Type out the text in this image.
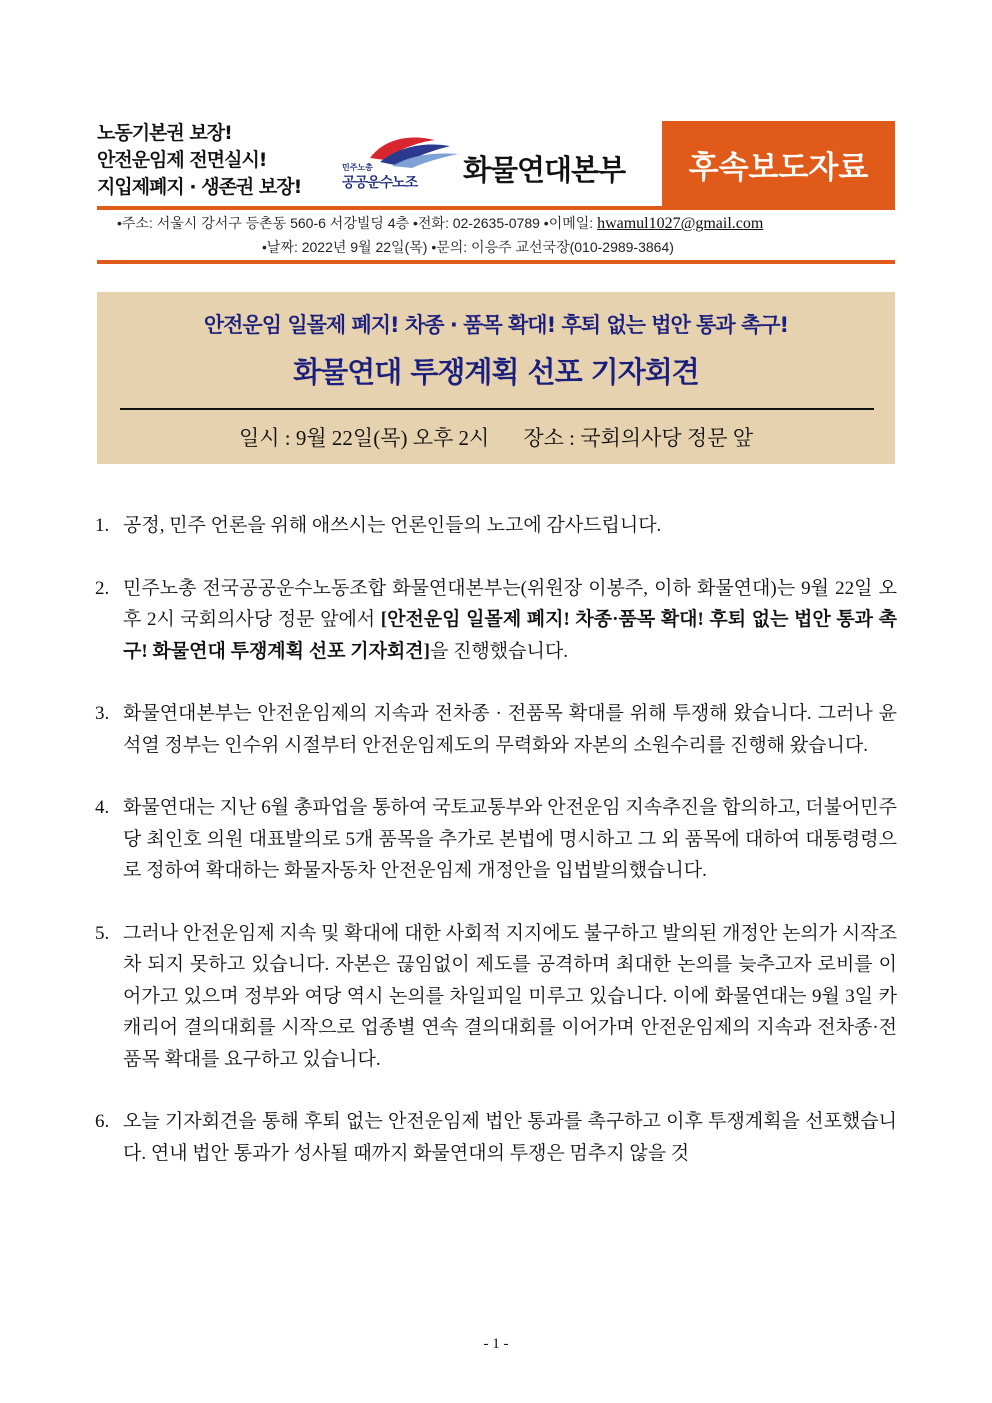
노동기본권 보장!
안전운임제 전면실시!
지입제폐지 · 생존권 보장!
민주노총
공공운수노조 화물연대본부 후속보도자료
•주소: 서울시 강서구 등촌동 560-6 서강빌딩 4층 •전화: 02-2635-0789 •이메일: hwamul1027@gmail.com
•날짜: 2022년 9월 22일(목) •문의: 이응주 교선국장(010-2989-3864)
안전운임 일몰제 폐지! 차종 · 품목 확대! 후퇴 없는 법안 통과 촉구!
화물연대 투쟁계획 선포 기자회견
일시 : 9월 22일(목) 오후 2시 장소 : 국회의사당 정문 앞
1. 공정, 민주 언론을 위해 애쓰시는 언론인들의 노고에 감사드립니다.
2. 민주노총 전국공공운수노동조합 화물연대본부는(위원장 이봉주, 이하 화물연대)는 9월 22일 오후 2시 국회의사당 정문 앞에서 [안전운임 일몰제 폐지! 차종·품목 확대! 후퇴 없는 법안 통과 촉구! 화물연대 투쟁계획 선포 기자회견]을 진행했습니다.
3. 화물연대본부는 안전운임제의 지속과 전차종 · 전품목 확대를 위해 투쟁해 왔습니다. 그러나 윤석열 정부는 인수위 시절부터 안전운임제도의 무력화와 자본의 소원수리를 진행해 왔습니다.
4. 화물연대는 지난 6월 총파업을 통하여 국토교통부와 안전운임 지속추진을 합의하고, 더불어민주당 최인호 의원 대표발의로 5개 품목을 추가로 본법에 명시하고 그 외 품목에 대하여 대통령령으로 정하여 확대하는 화물자동차 안전운임제 개정안을 입법발의했습니다.
5. 그러나 안전운임제 지속 및 확대에 대한 사회적 지지에도 불구하고 발의된 개정안 논의가 시작조차 되지 못하고 있습니다. 자본은 끊임없이 제도를 공격하며 최대한 논의를 늦추고자 로비를 이어가고 있으며 정부와 여당 역시 논의를 차일피일 미루고 있습니다. 이에 화물연대는 9월 3일 카캐리어 결의대회를 시작으로 업종별 연속 결의대회를 이어가며 안전운임제의 지속과 전차종·전품목 확대를 요구하고 있습니다.
6. 오늘 기자회견을 통해 후퇴 없는 안전운임제 법안 통과를 촉구하고 이후 투쟁계획을 선포했습니다. 연내 법안 통과가 성사될 때까지 화물연대의 투쟁은 멈추지 않을 것
- 1 -
